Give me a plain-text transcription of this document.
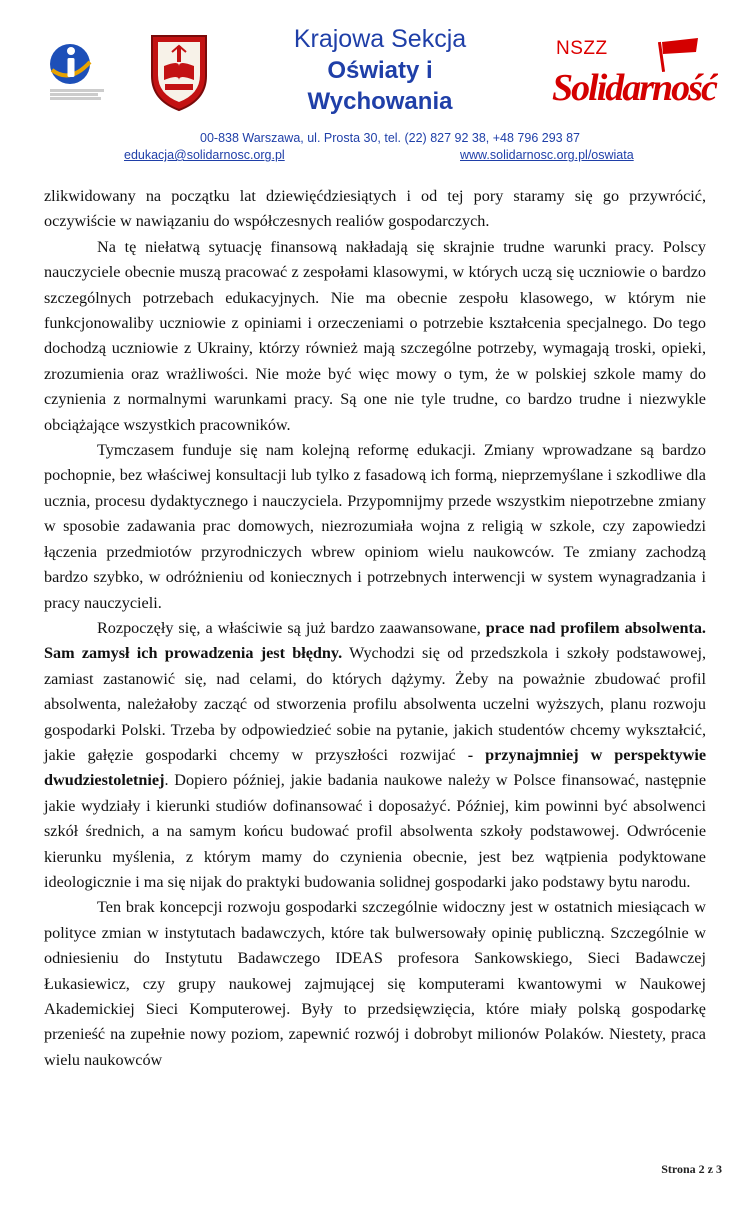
Krajowa Sekcja
Oświaty i
Wychowania
NSZZ
Solidarność
00-838 Warszawa, ul. Prosta 30, tel. (22) 827 92 38, +48 796 293 87
edukacja@solidarnosc.org.pl	www.solidarnosc.org.pl/oswiata

zlikwidowany na początku lat dziewięćdziesiątych i od tej pory staramy się go przywrócić, oczywiście w nawiązaniu do współczesnych realiów gospodarczych.

Na tę niełatwą sytuację finansową nakładają się skrajnie trudne warunki pracy. Polscy nauczyciele obecnie muszą pracować z zespołami klasowymi, w których uczą się uczniowie o bardzo szczególnych potrzebach edukacyjnych. Nie ma obecnie zespołu klasowego, w którym nie funkcjonowaliby uczniowie z opiniami i orzeczeniami o potrzebie kształcenia specjalnego. Do tego dochodzą uczniowie z Ukrainy, którzy również mają szczególne potrzeby, wymagają troski, opieki, zrozumienia oraz wrażliwości. Nie może być więc mowy o tym, że w polskiej szkole mamy do czynienia z normalnymi warunkami pracy. Są one nie tyle trudne, co bardzo trudne i niezwykle obciążające wszystkich pracowników.

Tymczasem funduje się nam kolejną reformę edukacji. Zmiany wprowadzane są bardzo pochopnie, bez właściwej konsultacji lub tylko z fasadową ich formą, nieprzemyślane i szkodliwe dla ucznia, procesu dydaktycznego i nauczyciela. Przypomnijmy przede wszystkim niepotrzebne zmiany w sposobie zadawania prac domowych, niezrozumiała wojna z religią w szkole, czy zapowiedzi łączenia przedmiotów przyrodniczych wbrew opiniom wielu naukowców. Te zmiany zachodzą bardzo szybko, w odróżnieniu od koniecznych i potrzebnych interwencji w system wynagradzania i pracy nauczycieli.

Rozpoczęły się, a właściwie są już bardzo zaawansowane, prace nad profilem absolwenta. Sam zamysł ich prowadzenia jest błędny. Wychodzi się od przedszkola i szkoły podstawowej, zamiast zastanowić się, nad celami, do których dążymy. Żeby na poważnie zbudować profil absolwenta, należałoby zacząć od stworzenia profilu absolwenta uczelni wyższych, planu rozwoju gospodarki Polski. Trzeba by odpowiedzieć sobie na pytanie, jakich studentów chcemy wykształcić, jakie gałęzie gospodarki chcemy w przyszłości rozwijać - przynajmniej w perspektywie dwudziestoletniej. Dopiero później, jakie badania naukowe należy w Polsce finansować, następnie jakie wydziały i kierunki studiów dofinansować i doposażyć. Później, kim powinni być absolwenci szkół średnich, a na samym końcu budować profil absolwenta szkoły podstawowej. Odwrócenie kierunku myślenia, z którym mamy do czynienia obecnie, jest bez wątpienia podyktowane ideologicznie i ma się nijak do praktyki budowania solidnej gospodarki jako podstawy bytu narodu.

Ten brak koncepcji rozwoju gospodarki szczególnie widoczny jest w ostatnich miesiącach w polityce zmian w instytutach badawczych, które tak bulwersowały opinię publiczną. Szczególnie w odniesieniu do Instytutu Badawczego IDEAS profesora Sankowskiego, Sieci Badawczej Łukasiewicz, czy grupy naukowej zajmującej się komputerami kwantowymi w Naukowej Akademickiej Sieci Komputerowej. Były to przedsięwzięcia, które miały polską gospodarkę przenieść na zupełnie nowy poziom, zapewnić rozwój i dobrobyt milionów Polaków. Niestety, praca wielu naukowców

Strona 2 z 3
